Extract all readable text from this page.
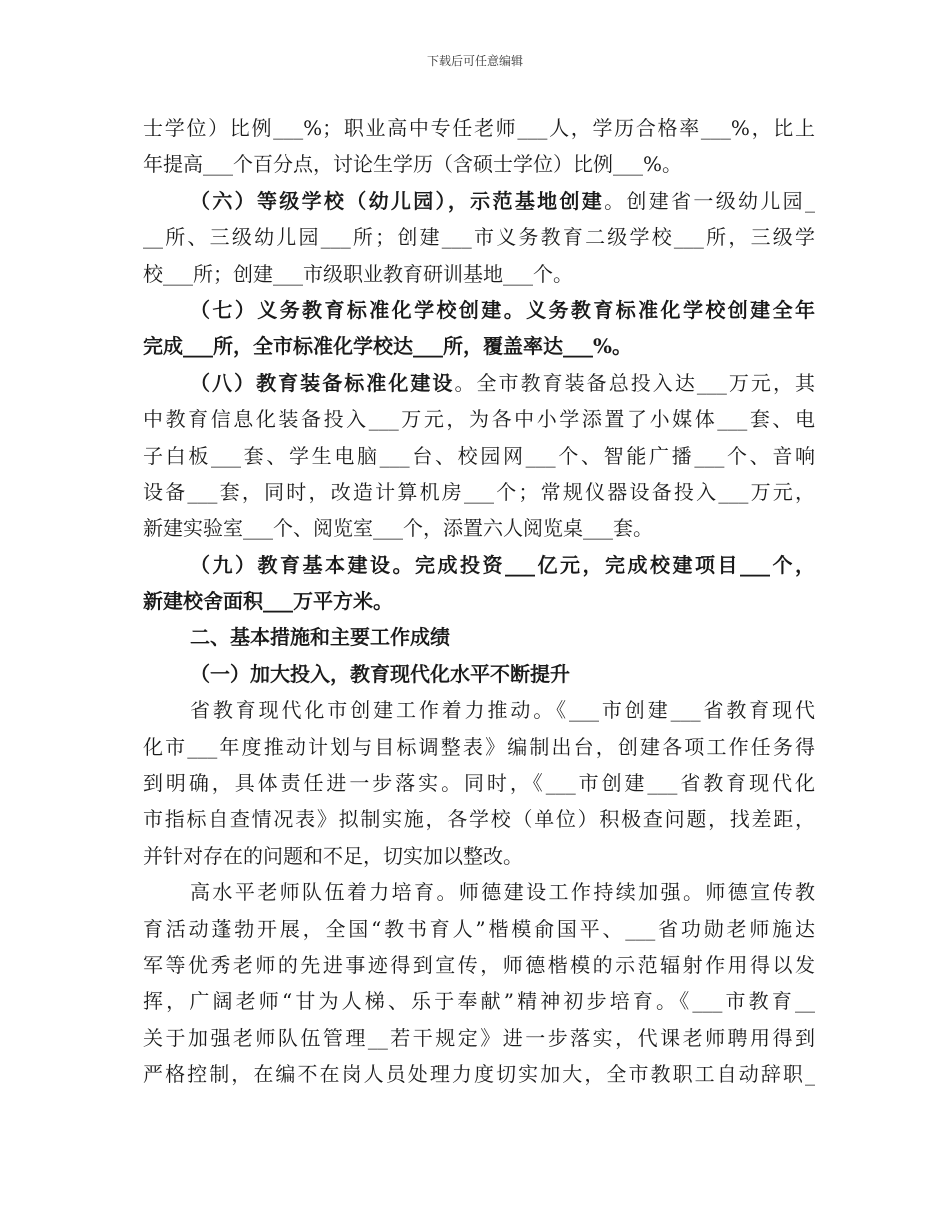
下载后可任意编辑
士学位）比例___%；职业高中专任老师___人，学历合格率___%，比上
年提高___个百分点，讨论生学历（含硕士学位）比例___%。
（六）等级学校（幼儿园），示范基地创建。创建省一级幼儿园_
__所、三级幼儿园___所；创建___市义务教育二级学校___所，三级学
校___所；创建___市级职业教育研训基地___个。
（七）义务教育标准化学校创建。义务教育标准化学校创建全年
完成___所，全市标准化学校达___所，覆盖率达___%。
（八）教育装备标准化建设。全市教育装备总投入达___万元，其
中教育信息化装备投入___万元，为各中小学添置了小媒体___套、电
子白板___套、学生电脑___台、校园网___个、智能广播___个、音响
设备___套，同时，改造计算机房___个；常规仪器设备投入___万元，
新建实验室___个、阅览室___个，添置六人阅览桌___套。
（九）教育基本建设。完成投资___亿元，完成校建项目___个，
新建校舍面积___万平方米。
二、基本措施和主要工作成绩
（一）加大投入，教育现代化水平不断提升
省教育现代化市创建工作着力推动。《___市创建___省教育现代
化市___年度推动计划与目标调整表》编制出台，创建各项工作任务得
到明确，具体责任进一步落实。同时，《___市创建___省教育现代化
市指标自查情况表》拟制实施，各学校（单位）积极查问题，找差距，
并针对存在的问题和不足，切实加以整改。
高水平老师队伍着力培育。师德建设工作持续加强。师德宣传教
育活动蓬勃开展，全国“教书育人”楷模俞国平、___省功勋老师施达
军等优秀老师的先进事迹得到宣传，师德楷模的示范辐射作用得以发
挥，广阔老师“甘为人梯、乐于奉献”精神初步培育。《___市教育__
关于加强老师队伍管理__若干规定》进一步落实，代课老师聘用得到
严格控制，在编不在岗人员处理力度切实加大，全市教职工自动辞职_
